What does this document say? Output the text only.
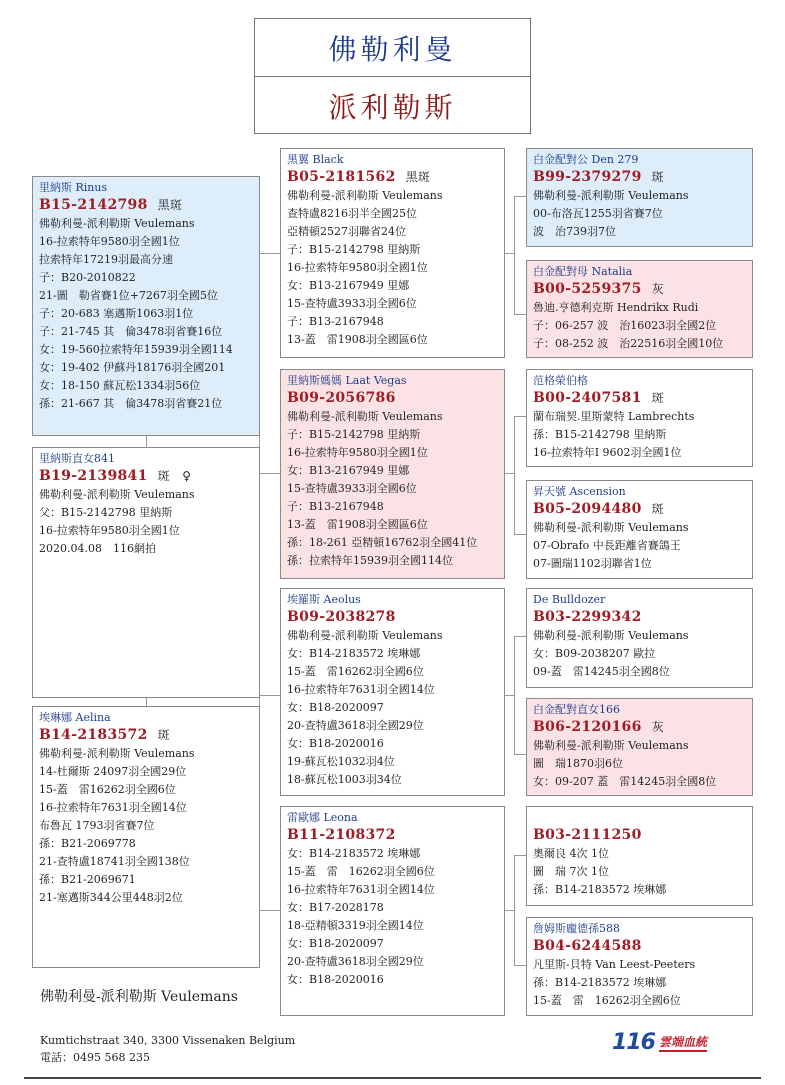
佛勒利曼
派利勒斯
里納斯 Rinus
B15-2142798 黑斑
佛勒利曼-派利勒斯 Veulemans
16-拉索特年9580羽全國1位
拉索特年17219羽最高分速
子：B20-2010822
21-圖　勒省賽1位+7267羽全國5位
子：20-683 塞邁斯1063羽1位
子：21-745 其　倫3478羽省賽16位
女：19-560拉索特年15939羽全國114
女：19-402 伊蘇丹18176羽全國201
女：18-150 蘇瓦松1334羽56位
孫：21-667 其　倫3478羽省賽21位
里納斯直女841
B19-2139841 斑　♀
佛勒利曼-派利勒斯 Veulemans
父：B15-2142798 里納斯
16-拉索特年9580羽全國1位
2020.04.08　116網拍
埃琳娜 Aelina
B14-2183572 斑
佛勒利曼-派利勒斯 Veulemans
14-杜爾斯 24097羽全國29位
15-蓋　雷16262羽全國6位
16-拉索特年7631羽全國14位
布魯瓦 1793羽省賽7位
孫：B21-2069778
21-查特盧18741羽全國138位
孫：B21-2069671
21-塞邁斯344公里448羽2位
黑翼 Black
B05-2181562 黑斑
佛勒利曼-派利勒斯 Veulemans
查特盧8216羽半全國25位
亞精頓2527羽聯省24位
子：B15-2142798 里納斯
16-拉索特年9580羽全國1位
女：B13-2167949 里娜
15-查特盧3933羽全國6位
子：B13-2167948
13-蓋　雷1908羽全國區6位
里納斯媽媽 Laat Vegas
B09-2056786
佛勒利曼-派利勒斯 Veulemans
子：B15-2142798 里納斯
16-拉索特年9580羽全國1位
女：B13-2167949 里娜
15-查特盧3933羽全國6位
子：B13-2167948
13-蓋　雷1908羽全國區6位
孫：18-261 亞精頓16762羽全國41位
孫：拉索特年15939羽全國114位
埃羅斯 Aeolus
B09-2038278
佛勒利曼-派利勒斯 Veulemans
女：B14-2183572 埃琳娜
15-蓋　雷16262羽全國6位
16-拉索特年7631羽全國14位
女：B18-2020097
20-查特盧3618羽全國29位
女：B18-2020016
19-蘇瓦松1032羽4位
18-蘇瓦松1003羽34位
雷歐娜 Leona
B11-2108372
女：B14-2183572 埃琳娜
15-蓋　雷　16262羽全國6位
16-拉索特年7631羽全國14位
女：B17-2028178
18-亞精頓3319羽全國14位
女：B18-2020097
20-查特盧3618羽全國29位
女：B18-2020016
白金配對公 Den 279
B99-2379279 斑
佛勒利曼-派利勒斯 Veulemans
00-布洛瓦1255羽省賽7位
波　治739羽7位
白金配對母 Natalia
B00-5259375 灰
魯迪.亨德利克斯 Hendrikx Rudi
子：06-257 波　治16023羽全國2位
子：08-252 波　治22516羽全國10位
范格榮伯格
B00-2407581 斑
蘭布瑞契.里斯蒙特 Lambrechts
孫：B15-2142798 里納斯
16-拉索特年I 9602羽全國1位
昇天號 Ascension
B05-2094480 斑
佛勒利曼-派利勒斯 Veulemans
07-Obrafo 中長距離省賽鴿王
07-圖瑞1102羽聯省1位
De Bulldozer
B03-2299342
佛勒利曼-派利勒斯 Veulemans
女：B09-2038207 歐拉
09-蓋　雷14245羽全國8位
白金配對直女166
B06-2120166 灰
佛勒利曼-派利勒斯 Veulemans
圖　瑞1870羽6位
女：09-207 蓋　雷14245羽全國8位
B03-2111250
奧爾良 4次 1位
圖　瑞 7次 1位
孫：B14-2183572 埃琳娜
詹姆斯龐德孫588
B04-6244588
凡里斯-貝特 Van Leest-Peeters
孫：B14-2183572 埃琳娜
15-蓋　雷　16262羽全國6位
佛勒利曼-派利勒斯 Veulemans
Kumtichstraat 340, 3300 Vissenaken Belgium
電話：0495 568 235
116 雲端血統
